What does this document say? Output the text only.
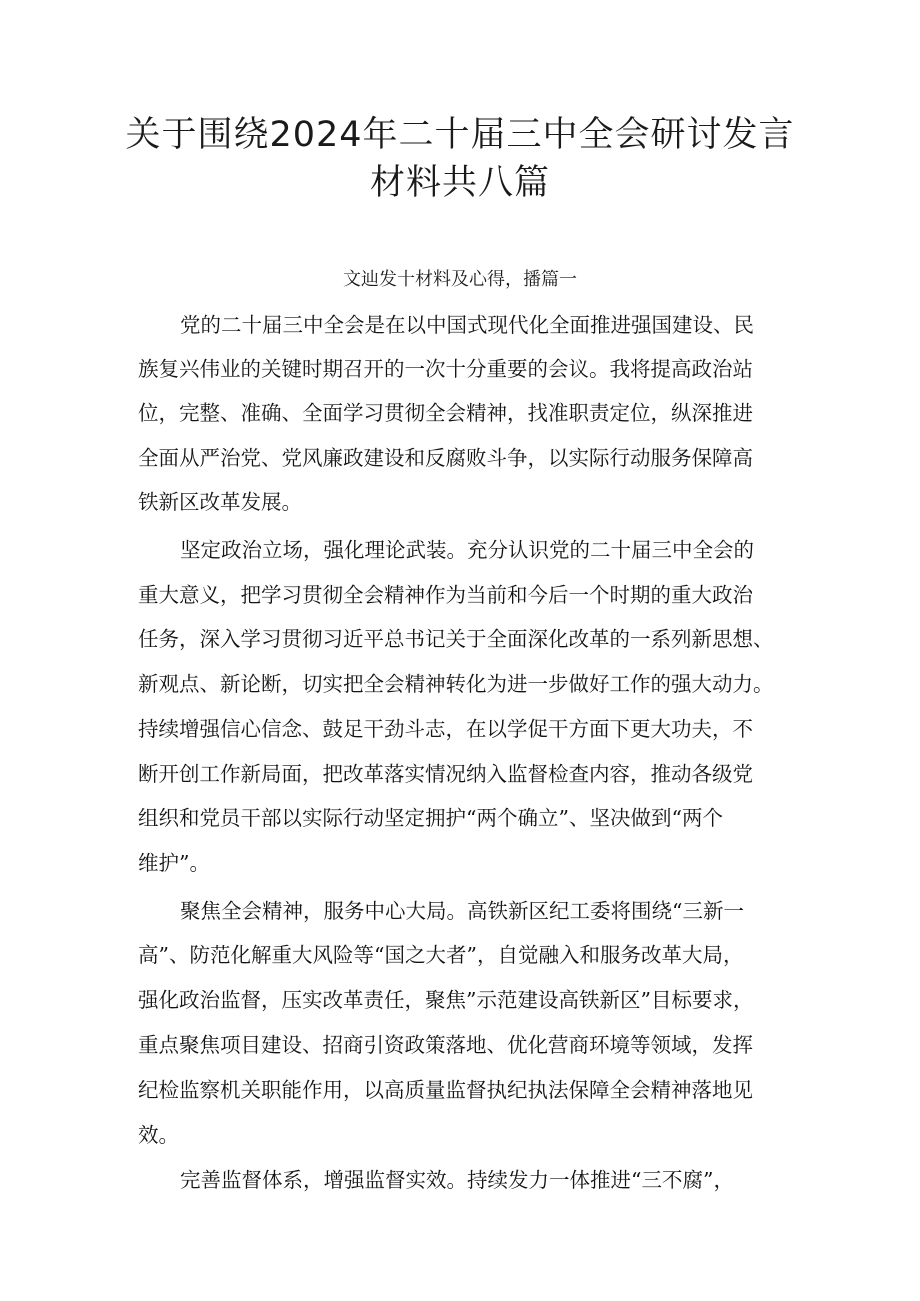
关于围绕2024年二十届三中全会研讨发言
材料共八篇

文辿发十材料及心得，播篇一

党的二十届三中全会是在以中国式现代化全面推进强国建设、民

族复兴伟业的关键时期召开的一次十分重要的会议。我将提高政治站

位，完整、准确、全面学习贯彻全会精神，找准职责定位，纵深推进

全面从严治党、党风廉政建设和反腐败斗争，以实际行动服务保障高

铁新区改革发展。

坚定政治立场，强化理论武装。充分认识党的二十届三中全会的

重大意义，把学习贯彻全会精神作为当前和今后一个时期的重大政治

任务，深入学习贯彻习近平总书记关于全面深化改革的一系列新思想、

新观点、新论断，切实把全会精神转化为进一步做好工作的强大动力。

持续增强信心信念、鼓足干劲斗志，在以学促干方面下更大功夫，不

断开创工作新局面，把改革落实情况纳入监督检查内容，推动各级党

组织和党员干部以实际行动坚定拥护“两个确立”、坚决做到“两个

维护”。

聚焦全会精神，服务中心大局。高铁新区纪工委将围绕“三新一

高”、防范化解重大风险等“国之大者”，自觉融入和服务改革大局，

强化政治监督，压实改革责任，聚焦”示范建设高铁新区”目标要求，

重点聚焦项目建设、招商引资政策落地、优化营商环境等领域，发挥

纪检监察机关职能作用，以高质量监督执纪执法保障全会精神落地见

效。

完善监督体系，增强监督实效。持续发力一体推进“三不腐”，
